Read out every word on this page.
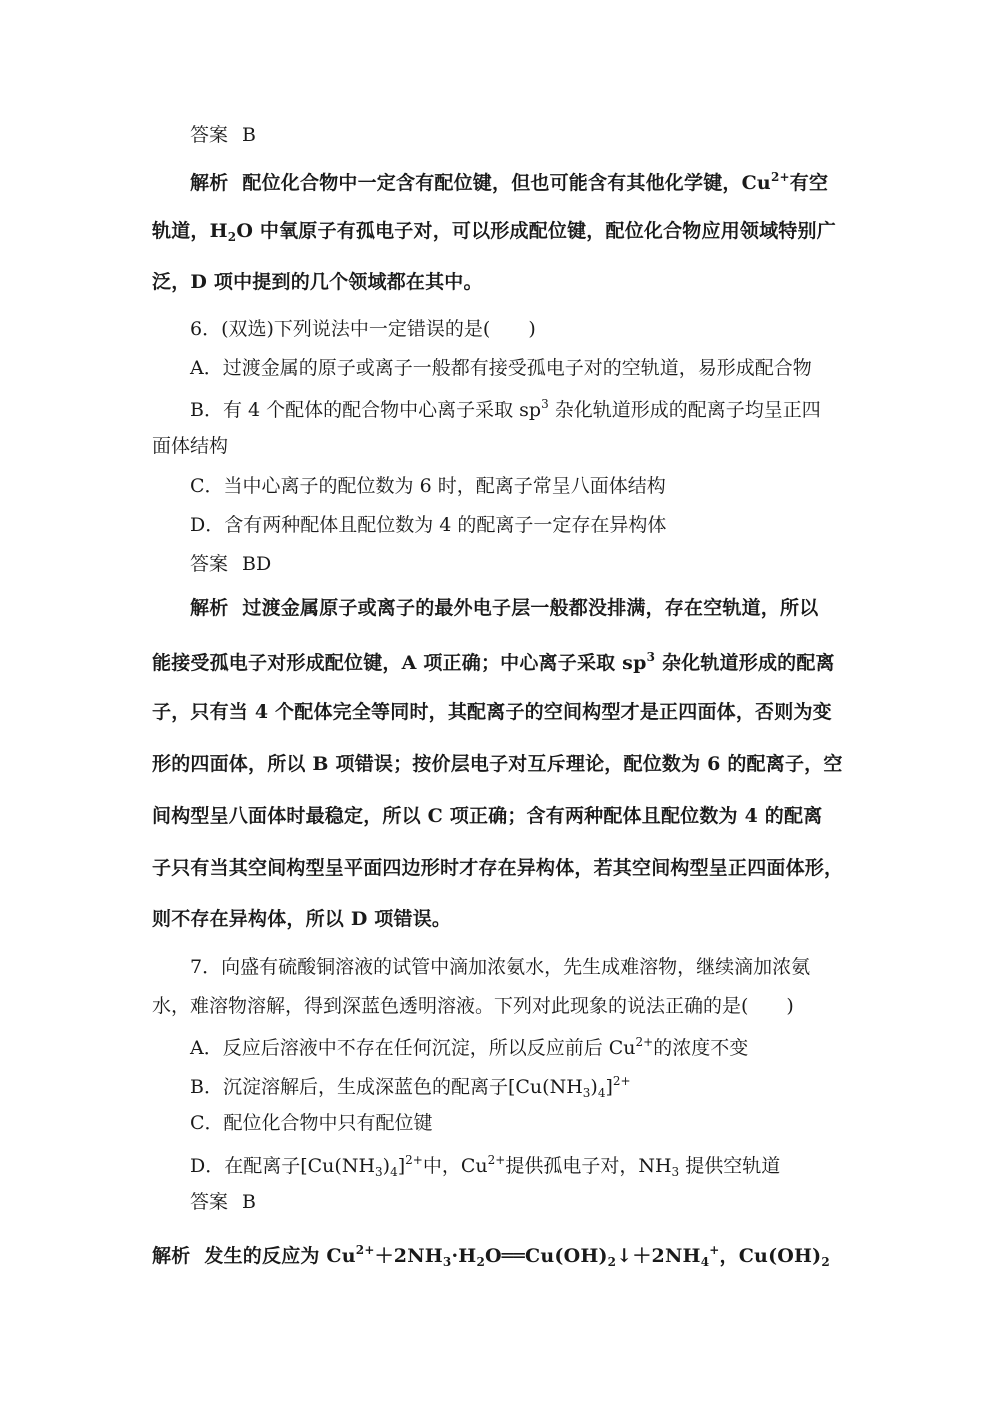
答案 B
解析 配位化合物中一定含有配位键，但也可能含有其他化学键，$Cu^{2+}$有空
轨道，$H_2O$ 中氧原子有孤电子对，可以形成配位键，配位化合物应用领域特别广
泛，D 项中提到的几个领域都在其中。
6．(双选)下列说法中一定错误的是(　　)
A．过渡金属的原子或离子一般都有接受孤电子对的空轨道，易形成配合物
B．有 4 个配体的配合物中心离子采取 $sp^3$ 杂化轨道形成的配离子均呈正四
面体结构
C．当中心离子的配位数为 6 时，配离子常呈八面体结构
D．含有两种配体且配位数为 4 的配离子一定存在异构体
答案 BD
解析 过渡金属原子或离子的最外电子层一般都没排满，存在空轨道，所以
能接受孤电子对形成配位键，A 项正确；中心离子采取 $sp^3$ 杂化轨道形成的配离
子，只有当 4 个配体完全等同时，其配离子的空间构型才是正四面体，否则为变
形的四面体，所以 B 项错误；按价层电子对互斥理论，配位数为 6 的配离子，空
间构型呈八面体时最稳定，所以 C 项正确；含有两种配体且配位数为 4 的配离
子只有当其空间构型呈平面四边形时才存在异构体，若其空间构型呈正四面体形，
则不存在异构体，所以 D 项错误。
7．向盛有硫酸铜溶液的试管中滴加浓氨水，先生成难溶物，继续滴加浓氨
水，难溶物溶解，得到深蓝色透明溶液。下列对此现象的说法正确的是(　　)
A．反应后溶液中不存在任何沉淀，所以反应前后 $Cu^{2+}$的浓度不变
B．沉淀溶解后，生成深蓝色的配离子$[Cu(NH_3)_4]^{2+}$
C．配位化合物中只有配位键
D．在配离子$[Cu(NH_3)_4]^{2+}$中，$Cu^{2+}$提供孤电子对，$NH_3$ 提供空轨道
答案 B
解析 发生的反应为 $Cu^{2+}+2NH_3\cdot H_2O══Cu(OH)_2↓+2NH_4^+$，$Cu(OH)_2$
